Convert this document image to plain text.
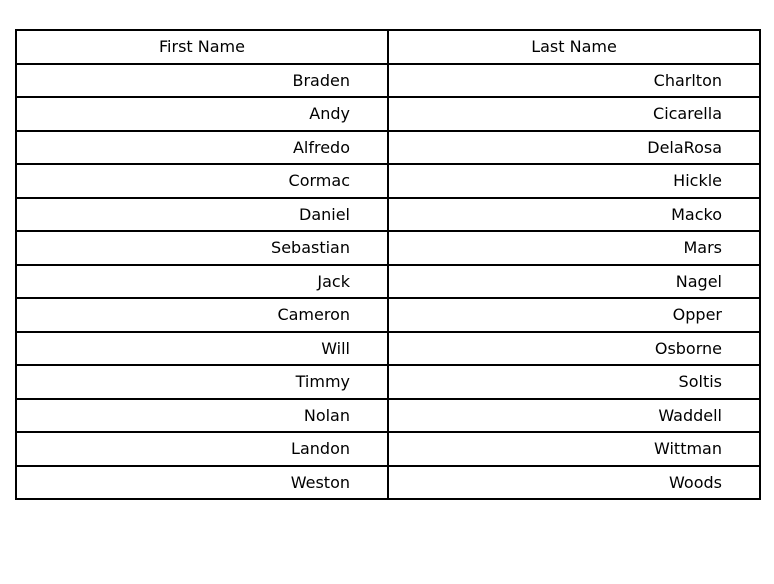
First Name	Last Name
Braden	Charlton
Andy	Cicarella
Alfredo	DelaRosa
Cormac	Hickle
Daniel	Macko
Sebastian	Mars
Jack	Nagel
Cameron	Opper
Will	Osborne
Timmy	Soltis
Nolan	Waddell
Landon	Wittman
Weston	Woods
